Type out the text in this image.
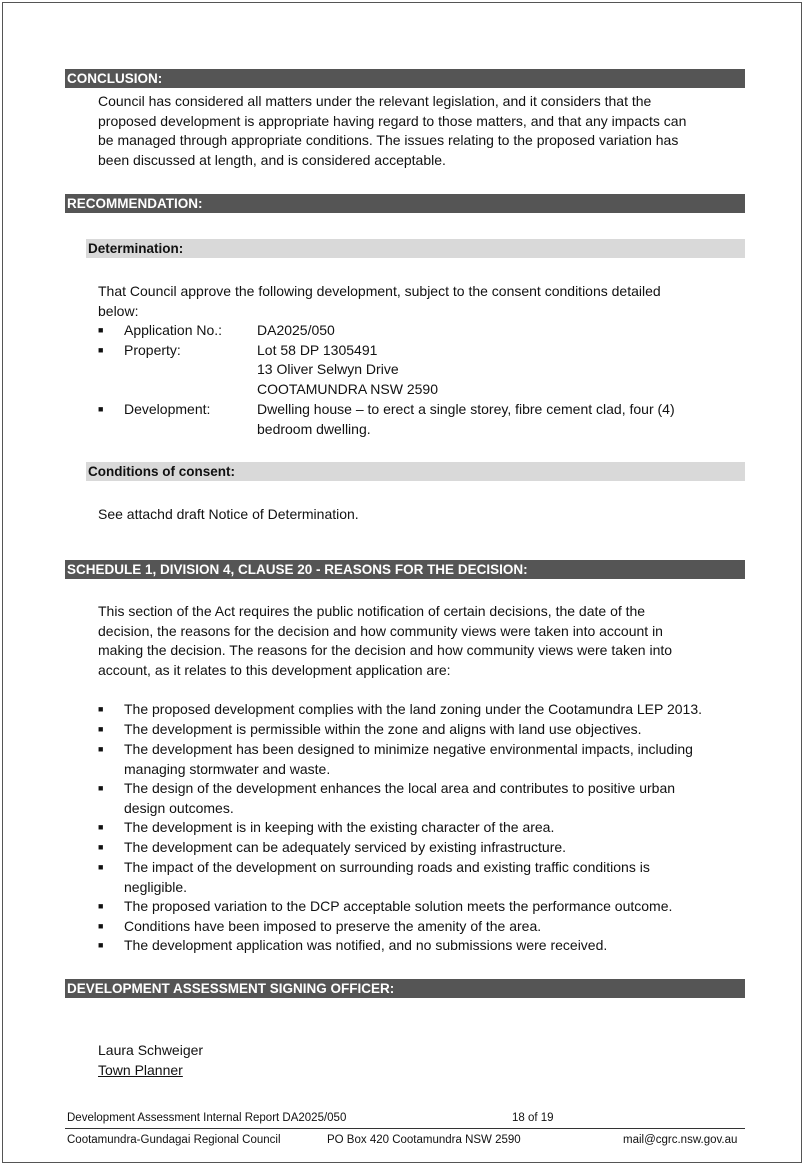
CONCLUSION:
Council has considered all matters under the relevant legislation, and it considers that the
proposed development is appropriate having regard to those matters, and that any impacts can
be managed through appropriate conditions. The issues relating to the proposed variation has
been discussed at length, and is considered acceptable.
RECOMMENDATION:
Determination:
That Council approve the following development, subject to the consent conditions detailed
below:
■ Application No.: DA2025/050
■ Property:	Lot 58 DP 1305491
13 Oliver Selwyn Drive
COOTAMUNDRA NSW 2590
■ Development:	Dwelling house – to erect a single storey, fibre cement clad, four (4)
bedroom dwelling.
Conditions of consent:
See attachd draft Notice of Determination.
SCHEDULE 1, DIVISION 4, CLAUSE 20 - REASONS FOR THE DECISION:
This section of the Act requires the public notification of certain decisions, the date of the
decision, the reasons for the decision and how community views were taken into account in
making the decision. The reasons for the decision and how community views were taken into
account, as it relates to this development application are:
■ The proposed development complies with the land zoning under the Cootamundra LEP 2013.
■ The development is permissible within the zone and aligns with land use objectives.
■ The development has been designed to minimize negative environmental impacts, including
managing stormwater and waste.
■ The design of the development enhances the local area and contributes to positive urban
design outcomes.
■ The development is in keeping with the existing character of the area.
■ The development can be adequately serviced by existing infrastructure.
■ The impact of the development on surrounding roads and existing traffic conditions is
negligible.
■ The proposed variation to the DCP acceptable solution meets the performance outcome.
■ Conditions have been imposed to preserve the amenity of the area.
■ The development application was notified, and no submissions were received.
DEVELOPMENT ASSESSMENT SIGNING OFFICER:
Laura Schweiger
Town Planner
Development Assessment Internal Report DA2025/050	18 of 19
Cootamundra-Gundagai Regional Council	PO Box 420 Cootamundra NSW 2590	mail@cgrc.nsw.gov.au
